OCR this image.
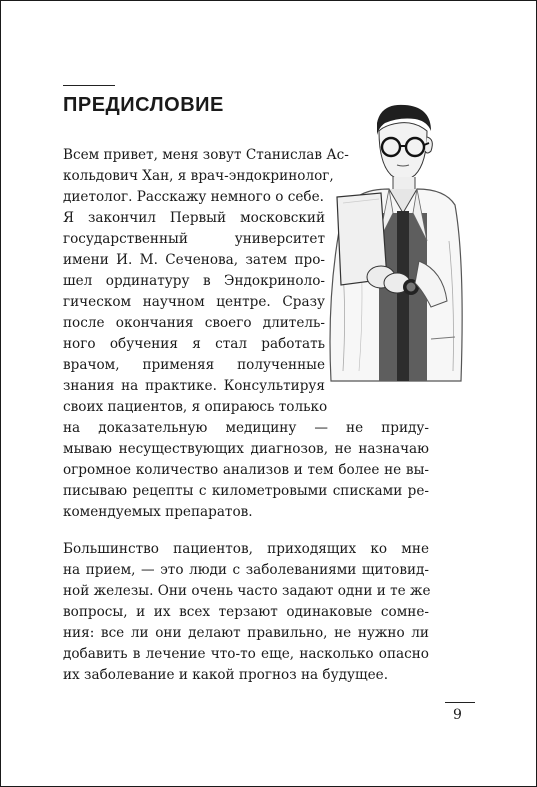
ПРЕДИСЛОВИЕ
Всем привет, меня зовут Станислав Ас-
кольдович Хан, я врач-эндокринолог,
диетолог. Расскажу немного о себе.
Я закончил Первый московский
государственный университет
имени И. М. Сеченова, затем про-
шел ординатуру в Эндокриноло-
гическом научном центре. Сразу
после окончания своего длитель-
ного обучения я стал работать
врачом, применяя полученные
знания на практике. Консультируя
своих пациентов, я опираюсь только
на доказательную медицину — не приду-
мываю несуществующих диагнозов, не назначаю
огромное количество анализов и тем более не вы-
писываю рецепты с километровыми списками ре-
комендуемых препаратов.
Большинство пациентов, приходящих ко мне
на прием, — это люди с заболеваниями щитовид-
ной железы. Они очень часто задают одни и те же
вопросы, и их всех терзают одинаковые сомне-
ния: все ли они делают правильно, не нужно ли
добавить в лечение что-то еще, насколько опасно
их заболевание и какой прогноз на будущее.
9
